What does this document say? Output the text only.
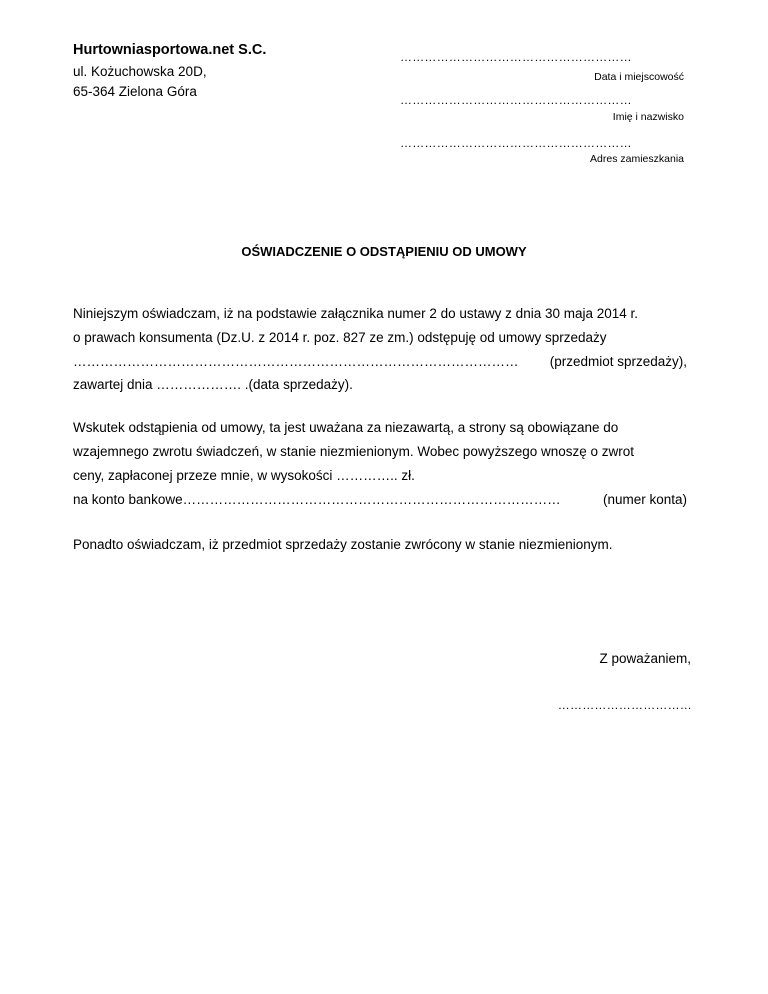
Hurtowniasportowa.net S.C.
ul. Kożuchowska 20D,
65-364 Zielona Góra
…………………………………………………
Data i miejscowość
…………………………………………………
Imię i nazwisko
…………………………………………………
Adres zamieszkania
OŚWIADCZENIE O ODSTĄPIENIU OD UMOWY
Niniejszym oświadczam, iż na podstawie załącznika numer 2 do ustawy z dnia 30 maja 2014 r.
o prawach konsumenta (Dz.U. z 2014 r. poz. 827 ze zm.) odstępuję od umowy sprzedaży
……………………………………………………………………………………… (przedmiot sprzedaży),
zawartej dnia ………………. .(data sprzedaży).
Wskutek odstąpienia od umowy, ta jest uważana za niezawartą, a strony są obowiązane do
wzajemnego zwrotu świadczeń, w stanie niezmienionym. Wobec powyższego wnoszę o zwrot
ceny, zapłaconej przeze mnie, w wysokości ………….. zł.
na konto bankowe…………………………………………………………………………	(numer konta)
Ponadto oświadczam, iż przedmiot sprzedaży zostanie zwrócony w stanie niezmienionym.
Z poważaniem,
……………………………
